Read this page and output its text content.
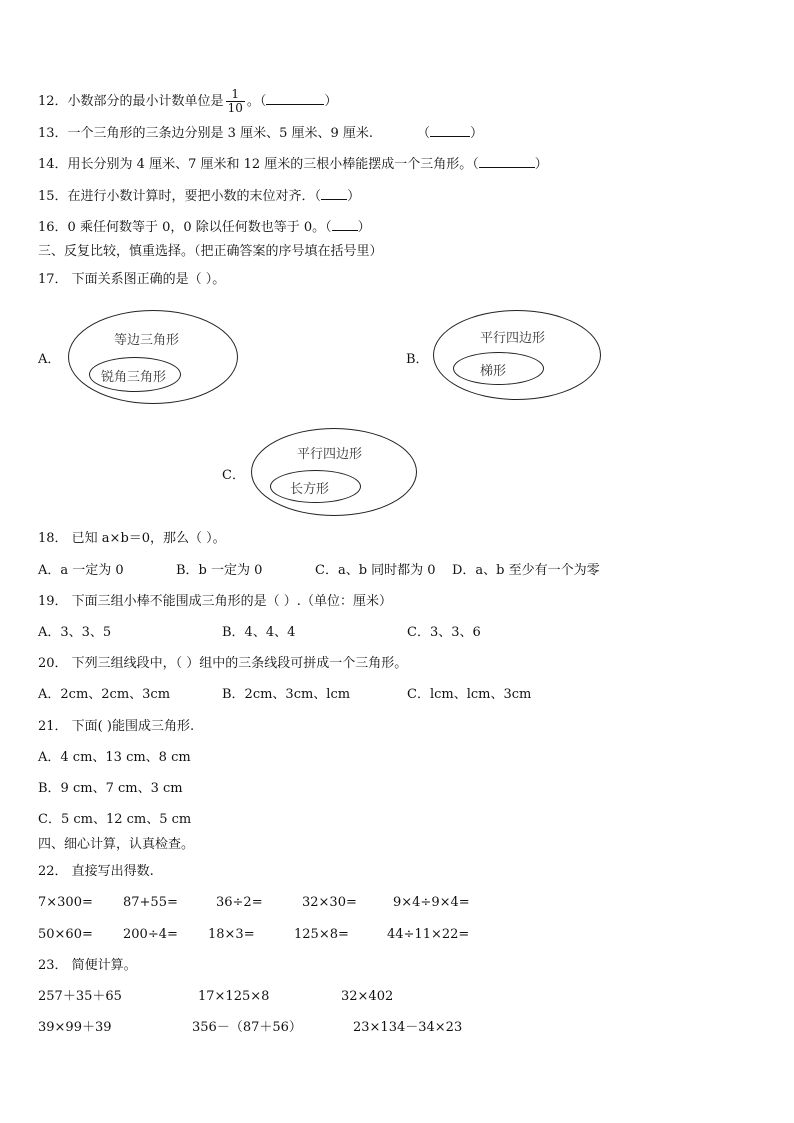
12．小数部分的最小计数单位是 $\frac{1}{10}$ 。（	）
13．一个三角形的三条边分别是 3 厘米、5 厘米、9 厘米.	（	）
14．用长分别为 4 厘米、7 厘米和 12 厘米的三根小棒能摆成一个三角形。（	）
15．在进行小数计算时，要把小数的末位对齐．（ ）
16．0 乘任何数等于 0，0 除以任何数也等于 0。（ ）
三、反复比较，慎重选择。（把正确答案的序号填在括号里）
17． 下面关系图正确的是（ ）。
A．
等边三角形
锐角三角形
B．
平行四边形
梯形
C．
平行四边形
长方形
18． 已知 a×b＝0，那么（ ）。
A．a 一定为 0	B．b 一定为 0	C．a、b 同时都为 0 D．a、b 至少有一个为零
19． 下面三组小棒不能围成三角形的是（ ）.（单位：厘米）
A．3、3、5	B．4、4、4	C．3、3、6
20． 下列三组线段中，（ ）组中的三条线段可拼成一个三角形。
A．2cm、2cm、3cm	B．2cm、3cm、lcm	C．lcm、lcm、3cm
21． 下面( )能围成三角形.
A．4 cm、13 cm、8 cm
B．9 cm、7 cm、3 cm
C．5 cm、12 cm、5 cm
四、细心计算，认真检查。
22． 直接写出得数.
7×300= 87+55=	36÷2=	32×30=	9×4÷9×4=
50×60= 200÷4= 18×3=	125×8=	44÷11×22=
23． 简便计算。
257＋35＋65	17×125×8	32×402
39×99＋39	356－（87＋56）	23×134－34×23
